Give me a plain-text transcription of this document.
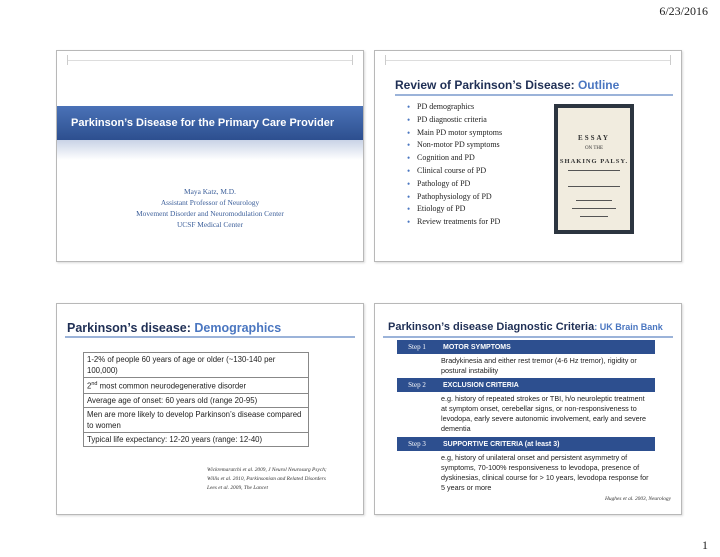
6/23/2016
Parkinson’s Disease for the Primary Care Provider
Maya Katz, M.D.
Assistant Professor of Neurology
Movement Disorder and Neuromodulation Center
UCSF Medical Center
Review of Parkinson’s Disease: Outline
• PD demographics
• PD diagnostic criteria
• Main PD motor symptoms
• Non-motor PD symptoms
• Cognition and PD
• Clinical course of PD
• Pathology of PD
• Pathophysiology of PD
• Etiology of PD
• Review treatments for PD
ESSAY
ON THE
SHAKING PALSY.
Parkinson’s disease: Demographics
1-2% of people 60 years of age or older (~130-140 per 100,000)
2nd most common neurodegenerative disorder
Average age of onset: 60 years old (range 20-95)
Men are more likely to develop Parkinson’s disease compared to women
Typical life expectancy: 12-20 years (range: 12-40)
Wickremaratchi et al. 2009, J Neurol Neurosurg Psych;
Willis et al. 2010, Parkinsonism and Related Disorders
Lees et al. 2009, The Lancet
Parkinson’s disease Diagnostic Criteria: UK Brain Bank
Step 1	MOTOR SYMPTOMS
Bradykinesia and either rest tremor (4-6 Hz tremor), rigidity or postural instability
Step 2	EXCLUSION CRITERIA
e.g. history of repeated strokes or TBI, h/o neuroleptic treatment at symptom onset, cerebellar signs, or non-responsiveness to levodopa, early severe autonomic involvement, early and severe dementia
Step 3	SUPPORTIVE CRITERIA (at least 3)
e.g, history of unilateral onset and persistent asymmetry of symptoms, 70-100% responsiveness to levodopa, presence of dyskinesias, clinical course for > 10 years, levodopa response for 5 years or more
Hughes et al. 2003, Neurology
1
